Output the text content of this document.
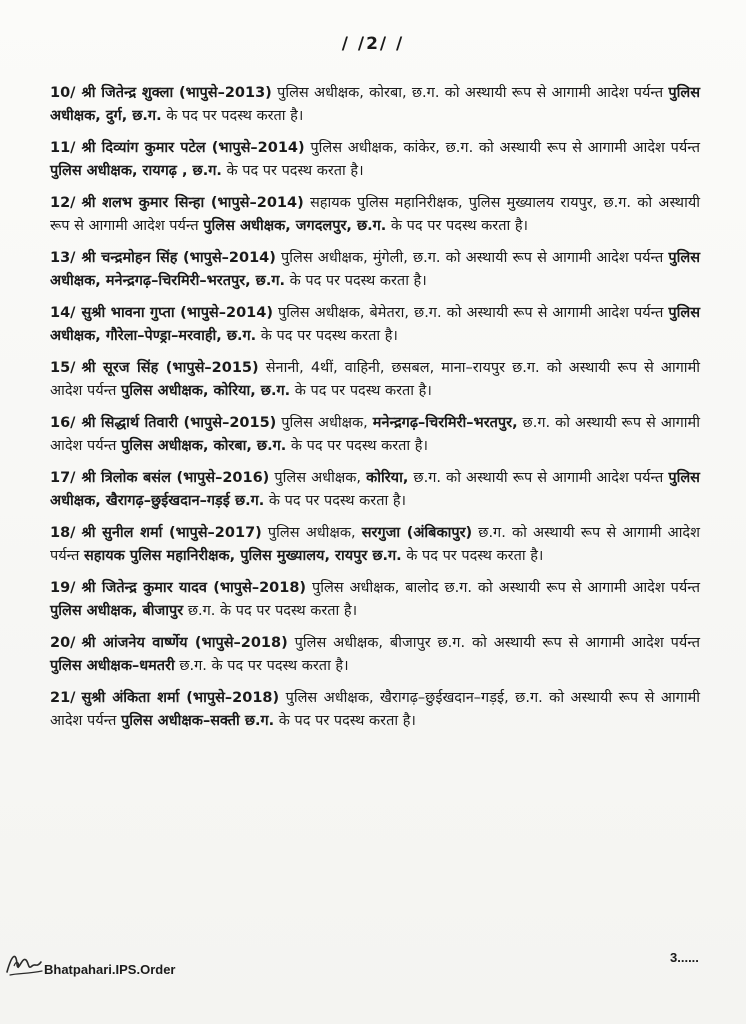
/ /2/ /
10/ श्री जितेन्द्र शुक्ला (भापुसे–2013) पुलिस अधीक्षक, कोरबा, छ.ग. को अस्थायी रूप से आगामी आदेश पर्यन्त पुलिस अधीक्षक, दुर्ग, छ.ग. के पद पर पदस्थ करता है।
11/ श्री दिव्यांग कुमार पटेल (भापुसे–2014) पुलिस अधीक्षक, कांकेर, छ.ग. को अस्थायी रूप से आगामी आदेश पर्यन्त पुलिस अधीक्षक, रायगढ़ , छ.ग. के पद पर पदस्थ करता है।
12/ श्री शलभ कुमार सिन्हा (भापुसे–2014) सहायक पुलिस महानिरीक्षक, पुलिस मुख्यालय रायपुर, छ.ग. को अस्थायी रूप से आगामी आदेश पर्यन्त पुलिस अधीक्षक, जगदलपुर, छ.ग. के पद पर पदस्थ करता है।
13/ श्री चन्द्रमोहन सिंह (भापुसे–2014) पुलिस अधीक्षक, मुंगेली, छ.ग. को अस्थायी रूप से आगामी आदेश पर्यन्त पुलिस अधीक्षक, मनेन्द्रगढ़–चिरमिरी–भरतपुर, छ.ग. के पद पर पदस्थ करता है।
14/ सुश्री भावना गुप्ता (भापुसे–2014) पुलिस अधीक्षक, बेमेतरा, छ.ग. को अस्थायी रूप से आगामी आदेश पर्यन्त पुलिस अधीक्षक, गौरेला–पेण्ड्रा–मरवाही, छ.ग. के पद पर पदस्थ करता है।
15/ श्री सूरज सिंह (भापुसे–2015) सेनानी, 4थीं, वाहिनी, छसबल, माना–रायपुर छ.ग. को अस्थायी रूप से आगामी आदेश पर्यन्त पुलिस अधीक्षक, कोरिया, छ.ग. के पद पर पदस्थ करता है।
16/ श्री सिद्धार्थ तिवारी (भापुसे–2015) पुलिस अधीक्षक, मनेन्द्रगढ़–चिरमिरी–भरतपुर, छ.ग. को अस्थायी रूप से आगामी आदेश पर्यन्त पुलिस अधीक्षक, कोरबा, छ.ग. के पद पर पदस्थ करता है।
17/ श्री त्रिलोक बसंल (भापुसे–2016) पुलिस अधीक्षक, कोरिया, छ.ग. को अस्थायी रूप से आगामी आदेश पर्यन्त पुलिस अधीक्षक, खैरागढ़–छुईखदान–गड़ई छ.ग. के पद पर पदस्थ करता है।
18/ श्री सुनील शर्मा (भापुसे–2017) पुलिस अधीक्षक, सरगुजा (अंबिकापुर) छ.ग. को अस्थायी रूप से आगामी आदेश पर्यन्त सहायक पुलिस महानिरीक्षक, पुलिस मुख्यालय, रायपुर छ.ग. के पद पर पदस्थ करता है।
19/ श्री जितेन्द्र कुमार यादव (भापुसे–2018) पुलिस अधीक्षक, बालोद छ.ग. को अस्थायी रूप से आगामी आदेश पर्यन्त पुलिस अधीक्षक, बीजापुर छ.ग. के पद पर पदस्थ करता है।
20/ श्री आंजनेय वार्ष्णेय (भापुसे–2018) पुलिस अधीक्षक, बीजापुर छ.ग. को अस्थायी रूप से आगामी आदेश पर्यन्त पुलिस अधीक्षक–धमतरी छ.ग. के पद पर पदस्थ करता है।
21/ सुश्री अंकिता शर्मा (भापुसे–2018) पुलिस अधीक्षक, खैरागढ़–छुईखदान–गड़ई, छ.ग. को अस्थायी रूप से आगामी आदेश पर्यन्त पुलिस अधीक्षक–सक्ती छ.ग. के पद पर पदस्थ करता है।
Bhatpahari.IPS.Order
3......
